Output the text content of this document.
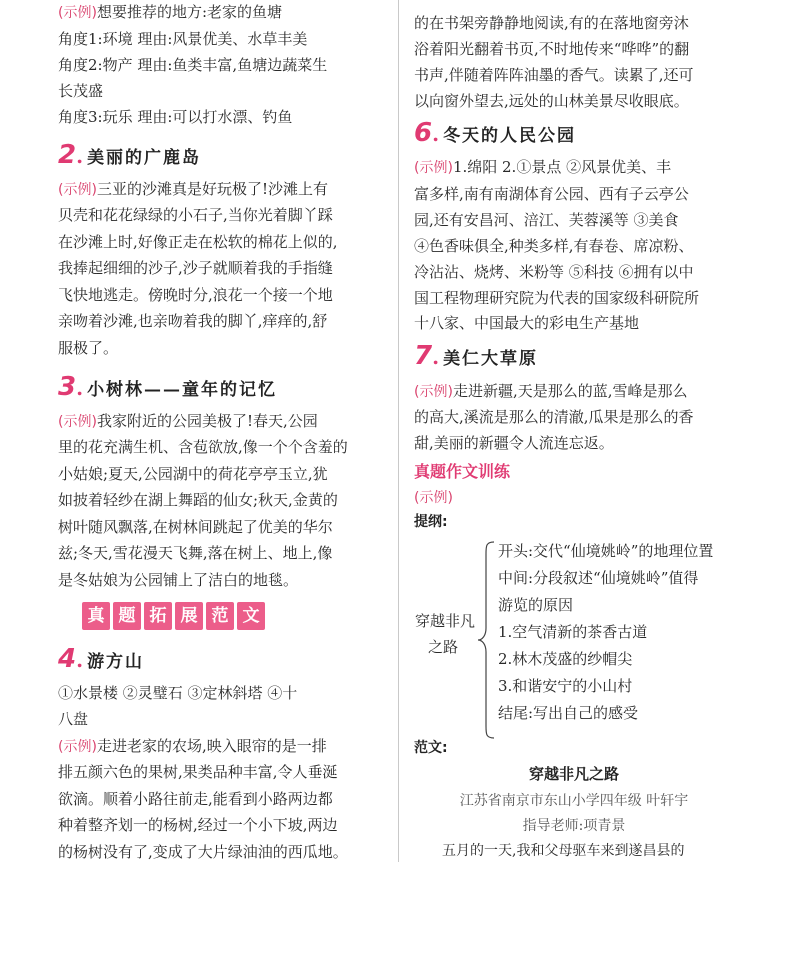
(示例)想要推荐的地方:老家的鱼塘
角度1:环境 理由:风景优美、水草丰美
角度2:物产 理由:鱼类丰富,鱼塘边蔬菜生
长茂盛
角度3:玩乐 理由:可以打水漂、钓鱼
2 . 美丽的广鹿岛
(示例)三亚的沙滩真是好玩极了!沙滩上有
贝壳和花花绿绿的小石子,当你光着脚丫踩
在沙滩上时,好像正走在松软的棉花上似的,
我捧起细细的沙子,沙子就顺着我的手指缝
飞快地逃走。傍晚时分,浪花一个接一个地
亲吻着沙滩,也亲吻着我的脚丫,痒痒的,舒
服极了。
3 . 小树林——童年的记忆
(示例)我家附近的公园美极了!春天,公园
里的花充满生机、含苞欲放,像一个个含羞的
小姑娘;夏天,公园湖中的荷花亭亭玉立,犹
如披着轻纱在湖上舞蹈的仙女;秋天,金黄的
树叶随风飘落,在树林间跳起了优美的华尔
兹;冬天,雪花漫天飞舞,落在树上、地上,像
是冬姑娘为公园铺上了洁白的地毯。
真 题 拓 展 范 文
4 . 游方山
①水景楼 ②灵璧石 ③定林斜塔 ④十
八盘
(示例)走进老家的农场,映入眼帘的是一排
排五颜六色的果树,果类品种丰富,令人垂涎
欲滴。顺着小路往前走,能看到小路两边都
种着整齐划一的杨树,经过一个小下坡,两边
的杨树没有了,变成了大片绿油油的西瓜地。
的在书架旁静静地阅读,有的在落地窗旁沐
浴着阳光翻着书页,不时地传来“哗哗”的翻
书声,伴随着阵阵油墨的香气。读累了,还可
以向窗外望去,远处的山林美景尽收眼底。
6 . 冬天的人民公园
(示例)1.绵阳 2.①景点 ②风景优美、丰
富多样,南有南湖体育公园、西有子云亭公
园,还有安昌河、涪江、芙蓉溪等 ③美食
④色香味俱全,种类多样,有春卷、席凉粉、
冷沾沾、烧烤、米粉等 ⑤科技 ⑥拥有以中
国工程物理研究院为代表的国家级科研院所
十八家、中国最大的彩电生产基地
7 . 美仁大草原
(示例)走进新疆,天是那么的蓝,雪峰是那么
的高大,溪流是那么的清澈,瓜果是那么的香
甜,美丽的新疆令人流连忘返。
真题作文训练
(示例)
提纲:
穿越非凡
之路
开头:交代“仙境姚岭”的地理位置
中间:分段叙述“仙境姚岭”值得
游览的原因
1.空气清新的茶香古道
2.林木茂盛的纱帽尖
3.和谐安宁的小山村
结尾:写出自己的感受
范文:
穿越非凡之路
江苏省南京市东山小学四年级 叶轩宇
指导老师:项青景
五月的一天,我和父母驱车来到遂昌县的
